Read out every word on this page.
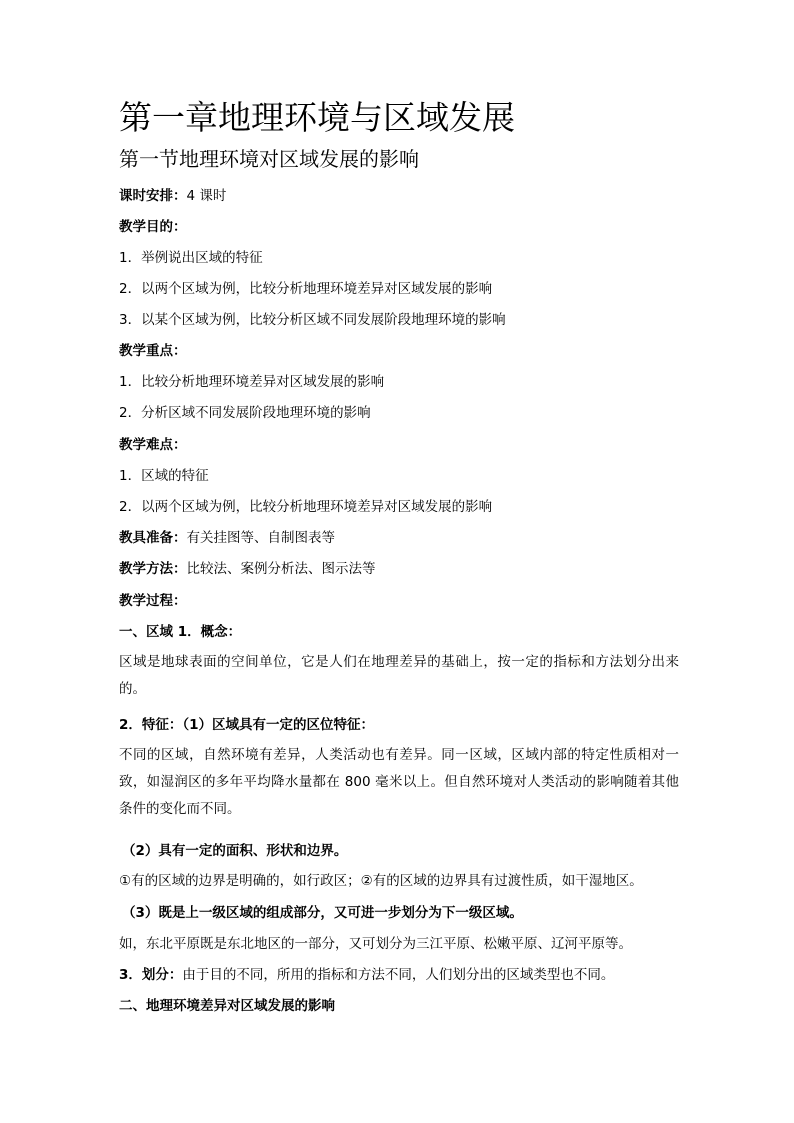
第一章地理环境与区域发展
第一节地理环境对区域发展的影响
课时安排：4 课时
教学目的：
1．举例说出区域的特征
2．以两个区域为例，比较分析地理环境差异对区域发展的影响
3．以某个区域为例，比较分析区域不同发展阶段地理环境的影响
教学重点：
1．比较分析地理环境差异对区域发展的影响
2．分析区域不同发展阶段地理环境的影响
教学难点：
1．区域的特征
2．以两个区域为例，比较分析地理环境差异对区域发展的影响
教具准备：有关挂图等、自制图表等
教学方法：比较法、案例分析法、图示法等
教学过程：
一、区域 1．概念：
区域是地球表面的空间单位，它是人们在地理差异的基础上，按一定的指标和方法划分出来的。
2．特征：（1）区域具有一定的区位特征：
不同的区域，自然环境有差异，人类活动也有差异。同一区域，区域内部的特定性质相对一致，如湿润区的多年平均降水量都在 800 毫米以上。但自然环境对人类活动的影响随着其他条件的变化而不同。
（2）具有一定的面积、形状和边界。
①有的区域的边界是明确的，如行政区；②有的区域的边界具有过渡性质，如干湿地区。
（3）既是上一级区域的组成部分，又可进一步划分为下一级区域。
如，东北平原既是东北地区的一部分，又可划分为三江平原、松嫩平原、辽河平原等。
3．划分：由于目的不同，所用的指标和方法不同，人们划分出的区域类型也不同。
二、地理环境差异对区域发展的影响
